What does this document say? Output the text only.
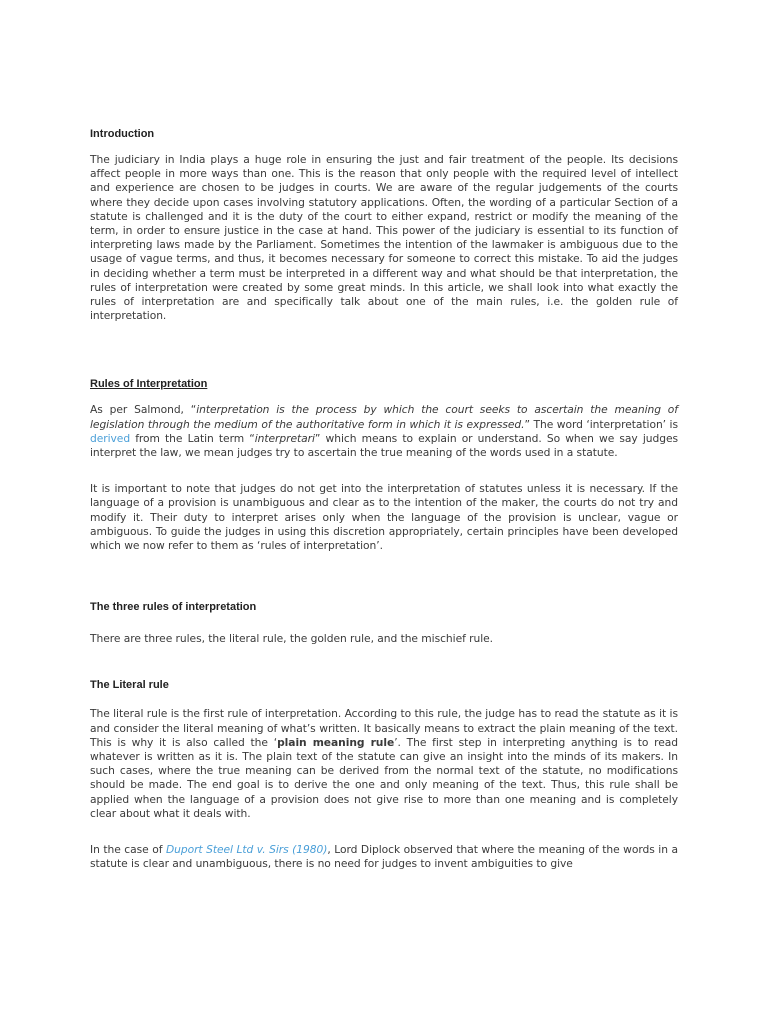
Introduction

The judiciary in India plays a huge role in ensuring the just and fair treatment of the people. Its decisions affect people in more ways than one. This is the reason that only people with the required level of intellect and experience are chosen to be judges in courts. We are aware of the regular judgements of the courts where they decide upon cases involving statutory applications. Often, the wording of a particular Section of a statute is challenged and it is the duty of the court to either expand, restrict or modify the meaning of the term, in order to ensure justice in the case at hand. This power of the judiciary is essential to its function of interpreting laws made by the Parliament. Sometimes the intention of the lawmaker is ambiguous due to the usage of vague terms, and thus, it becomes necessary for someone to correct this mistake. To aid the judges in deciding whether a term must be interpreted in a different way and what should be that interpretation, the rules of interpretation were created by some great minds. In this article, we shall look into what exactly the rules of interpretation are and specifically talk about one of the main rules, i.e. the golden rule of interpretation.

Rules of Interpretation

As per Salmond, “interpretation is the process by which the court seeks to ascertain the meaning of legislation through the medium of the authoritative form in which it is expressed.” The word ‘interpretation’ is derived from the Latin term “interpretari” which means to explain or understand. So when we say judges interpret the law, we mean judges try to ascertain the true meaning of the words used in a statute.

It is important to note that judges do not get into the interpretation of statutes unless it is necessary. If the language of a provision is unambiguous and clear as to the intention of the maker, the courts do not try and modify it. Their duty to interpret arises only when the language of the provision is unclear, vague or ambiguous. To guide the judges in using this discretion appropriately, certain principles have been developed which we now refer to them as ‘rules of interpretation’.

The three rules of interpretation

There are three rules, the literal rule, the golden rule, and the mischief rule.

The Literal rule

The literal rule is the first rule of interpretation. According to this rule, the judge has to read the statute as it is and consider the literal meaning of what’s written. It basically means to extract the plain meaning of the text. This is why it is also called the ‘plain meaning rule’. The first step in interpreting anything is to read whatever is written as it is. The plain text of the statute can give an insight into the minds of its makers. In such cases, where the true meaning can be derived from the normal text of the statute, no modifications should be made. The end goal is to derive the one and only meaning of the text. Thus, this rule shall be applied when the language of a provision does not give rise to more than one meaning and is completely clear about what it deals with.

In the case of Duport Steel Ltd v. Sirs (1980), Lord Diplock observed that where the meaning of the words in a statute is clear and unambiguous, there is no need for judges to invent ambiguities to give
